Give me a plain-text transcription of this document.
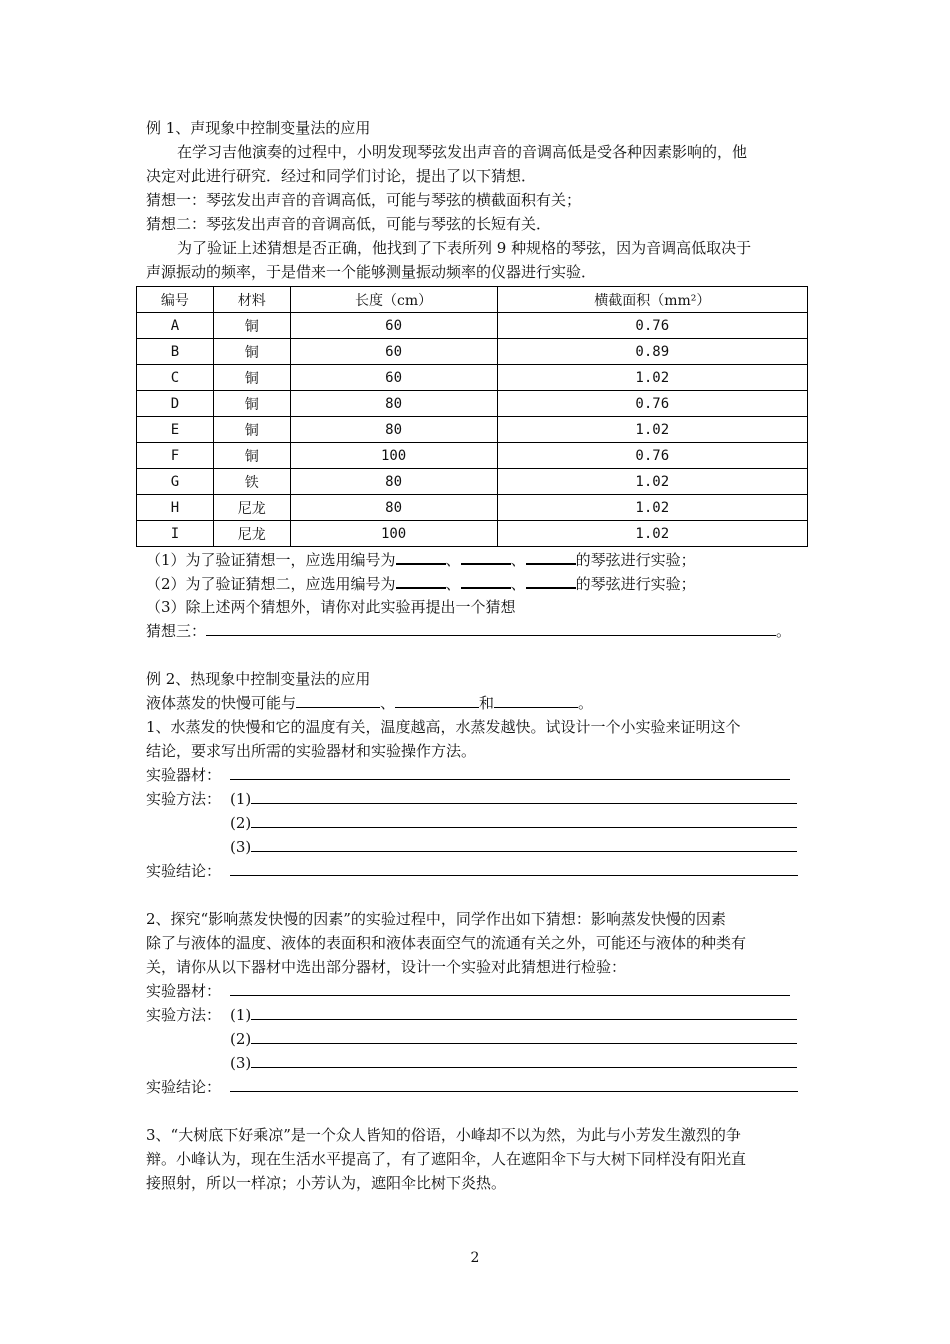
例 1、声现象中控制变量法的应用
在学习吉他演奏的过程中，小明发现琴弦发出声音的音调高低是受各种因素影响的，他
决定对此进行研究．经过和同学们讨论，提出了以下猜想．
猜想一：琴弦发出声音的音调高低，可能与琴弦的横截面积有关；
猜想二：琴弦发出声音的音调高低，可能与琴弦的长短有关．
为了验证上述猜想是否正确，他找到了下表所列 9 种规格的琴弦，因为音调高低取决于
声源振动的频率，于是借来一个能够测量振动频率的仪器进行实验．
编号	材料	长度（cm）	横截面积（mm²）
A	铜	60	0.76
B	铜	60	0.89
C	铜	60	1.02
D	铜	80	0.76
E	铜	80	1.02
F	铜	100	0.76
G	铁	80	1.02
H	尼龙	80	1.02
I	尼龙	100	1.02
（1）为了验证猜想一，应选用编号为	、	、	的琴弦进行实验；
（2）为了验证猜想二，应选用编号为	、	、	的琴弦进行实验；
（3）除上述两个猜想外，请你对此实验再提出一个猜想
猜想三：	。
例 2、热现象中控制变量法的应用
液体蒸发的快慢可能与	、	和	。
1、水蒸发的快慢和它的温度有关，温度越高，水蒸发越快。试设计一个小实验来证明这个
结论，要求写出所需的实验器材和实验操作方法。
实验器材：
实验方法： (1)
(2)
(3)
实验结论：
2、探究“影响蒸发快慢的因素”的实验过程中，同学作出如下猜想：影响蒸发快慢的因素
除了与液体的温度、液体的表面积和液体表面空气的流通有关之外，可能还与液体的种类有
关，请你从以下器材中选出部分器材，设计一个实验对此猜想进行检验：
实验器材：
实验方法： (1)
(2)
(3)
实验结论：
3、“大树底下好乘凉”是一个众人皆知的俗语，小峰却不以为然，为此与小芳发生激烈的争
辩。小峰认为，现在生活水平提高了，有了遮阳伞，人在遮阳伞下与大树下同样没有阳光直
接照射，所以一样凉；小芳认为，遮阳伞比树下炎热。
2
